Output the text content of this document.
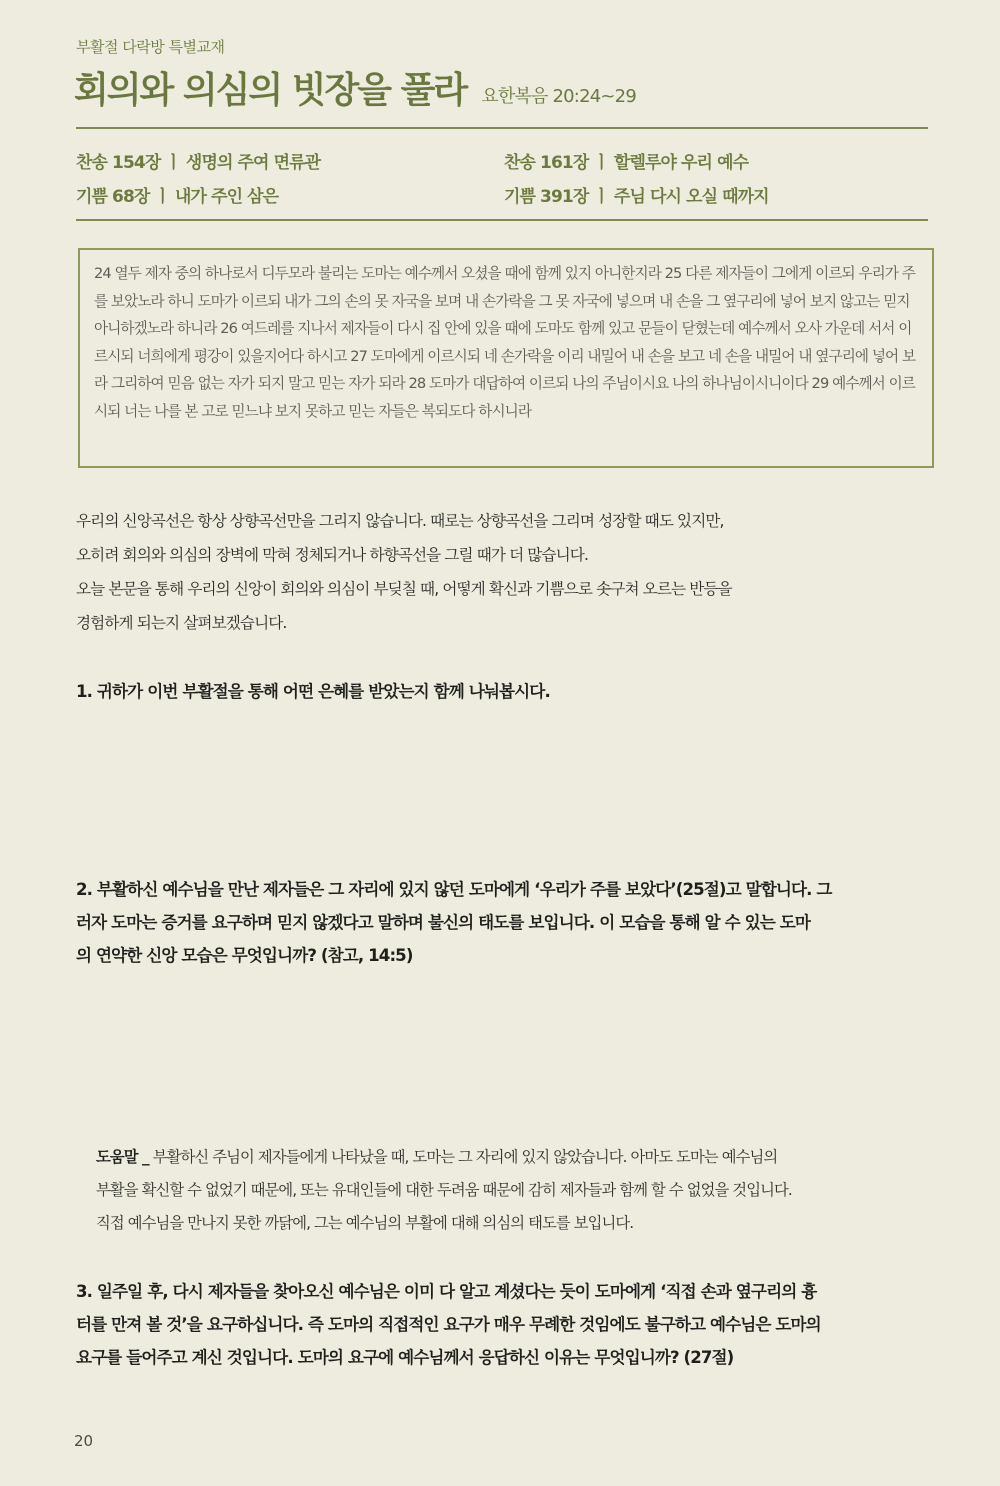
부활절 다락방 특별교재
회의와 의심의 빗장을 풀라 요한복음 20:24~29
찬송 154장 ㅣ 생명의 주여 면류관	찬송 161장 ㅣ 할렐루야 우리 예수
기쁨 68장 ㅣ 내가 주인 삼은	기쁨 391장 ㅣ 주님 다시 오실 때까지
24 열두 제자 중의 하나로서 디두모라 불리는 도마는 예수께서 오셨을 때에 함께 있지 아니한지라 25 다른 제자들이 그에게 이르되 우리가 주를 보았노라 하니 도마가 이르되 내가 그의 손의 못 자국을 보며 내 손가락을 그 못 자국에 넣으며 내 손을 그 옆구리에 넣어 보지 않고는 믿지 아니하겠노라 하니라 26 여드레를 지나서 제자들이 다시 집 안에 있을 때에 도마도 함께 있고 문들이 닫혔는데 예수께서 오사 가운데 서서 이르시되 너희에게 평강이 있을지어다 하시고 27 도마에게 이르시되 네 손가락을 이리 내밀어 내 손을 보고 네 손을 내밀어 내 옆구리에 넣어 보라 그리하여 믿음 없는 자가 되지 말고 믿는 자가 되라 28 도마가 대답하여 이르되 나의 주님이시요 나의 하나님이시니이다 29 예수께서 이르시되 너는 나를 본 고로 믿느냐 보지 못하고 믿는 자들은 복되도다 하시니라
우리의 신앙곡선은 항상 상향곡선만을 그리지 않습니다. 때로는 상향곡선을 그리며 성장할 때도 있지만,
오히려 회의와 의심의 장벽에 막혀 정체되거나 하향곡선을 그릴 때가 더 많습니다.
오늘 본문을 통해 우리의 신앙이 회의와 의심이 부딪칠 때, 어떻게 확신과 기쁨으로 솟구쳐 오르는 반등을
경험하게 되는지 살펴보겠습니다.
1. 귀하가 이번 부활절을 통해 어떤 은혜를 받았는지 함께 나눠봅시다.
2. 부활하신 예수님을 만난 제자들은 그 자리에 있지 않던 도마에게 ‘우리가 주를 보았다’(25절)고 말합니다. 그
러자 도마는 증거를 요구하며 믿지 않겠다고 말하며 불신의 태도를 보입니다. 이 모습을 통해 알 수 있는 도마
의 연약한 신앙 모습은 무엇입니까? (참고, 14:5)
도움말 _ 부활하신 주님이 제자들에게 나타났을 때, 도마는 그 자리에 있지 않았습니다. 아마도 도마는 예수님의
부활을 확신할 수 없었기 때문에, 또는 유대인들에 대한 두려움 때문에 감히 제자들과 함께 할 수 없었을 것입니다.
직접 예수님을 만나지 못한 까닭에, 그는 예수님의 부활에 대해 의심의 태도를 보입니다.
3. 일주일 후, 다시 제자들을 찾아오신 예수님은 이미 다 알고 계셨다는 듯이 도마에게 ‘직접 손과 옆구리의 흉
터를 만져 볼 것’을 요구하십니다. 즉 도마의 직접적인 요구가 매우 무례한 것임에도 불구하고 예수님은 도마의
요구를 들어주고 계신 것입니다. 도마의 요구에 예수님께서 응답하신 이유는 무엇입니까? (27절)
20
